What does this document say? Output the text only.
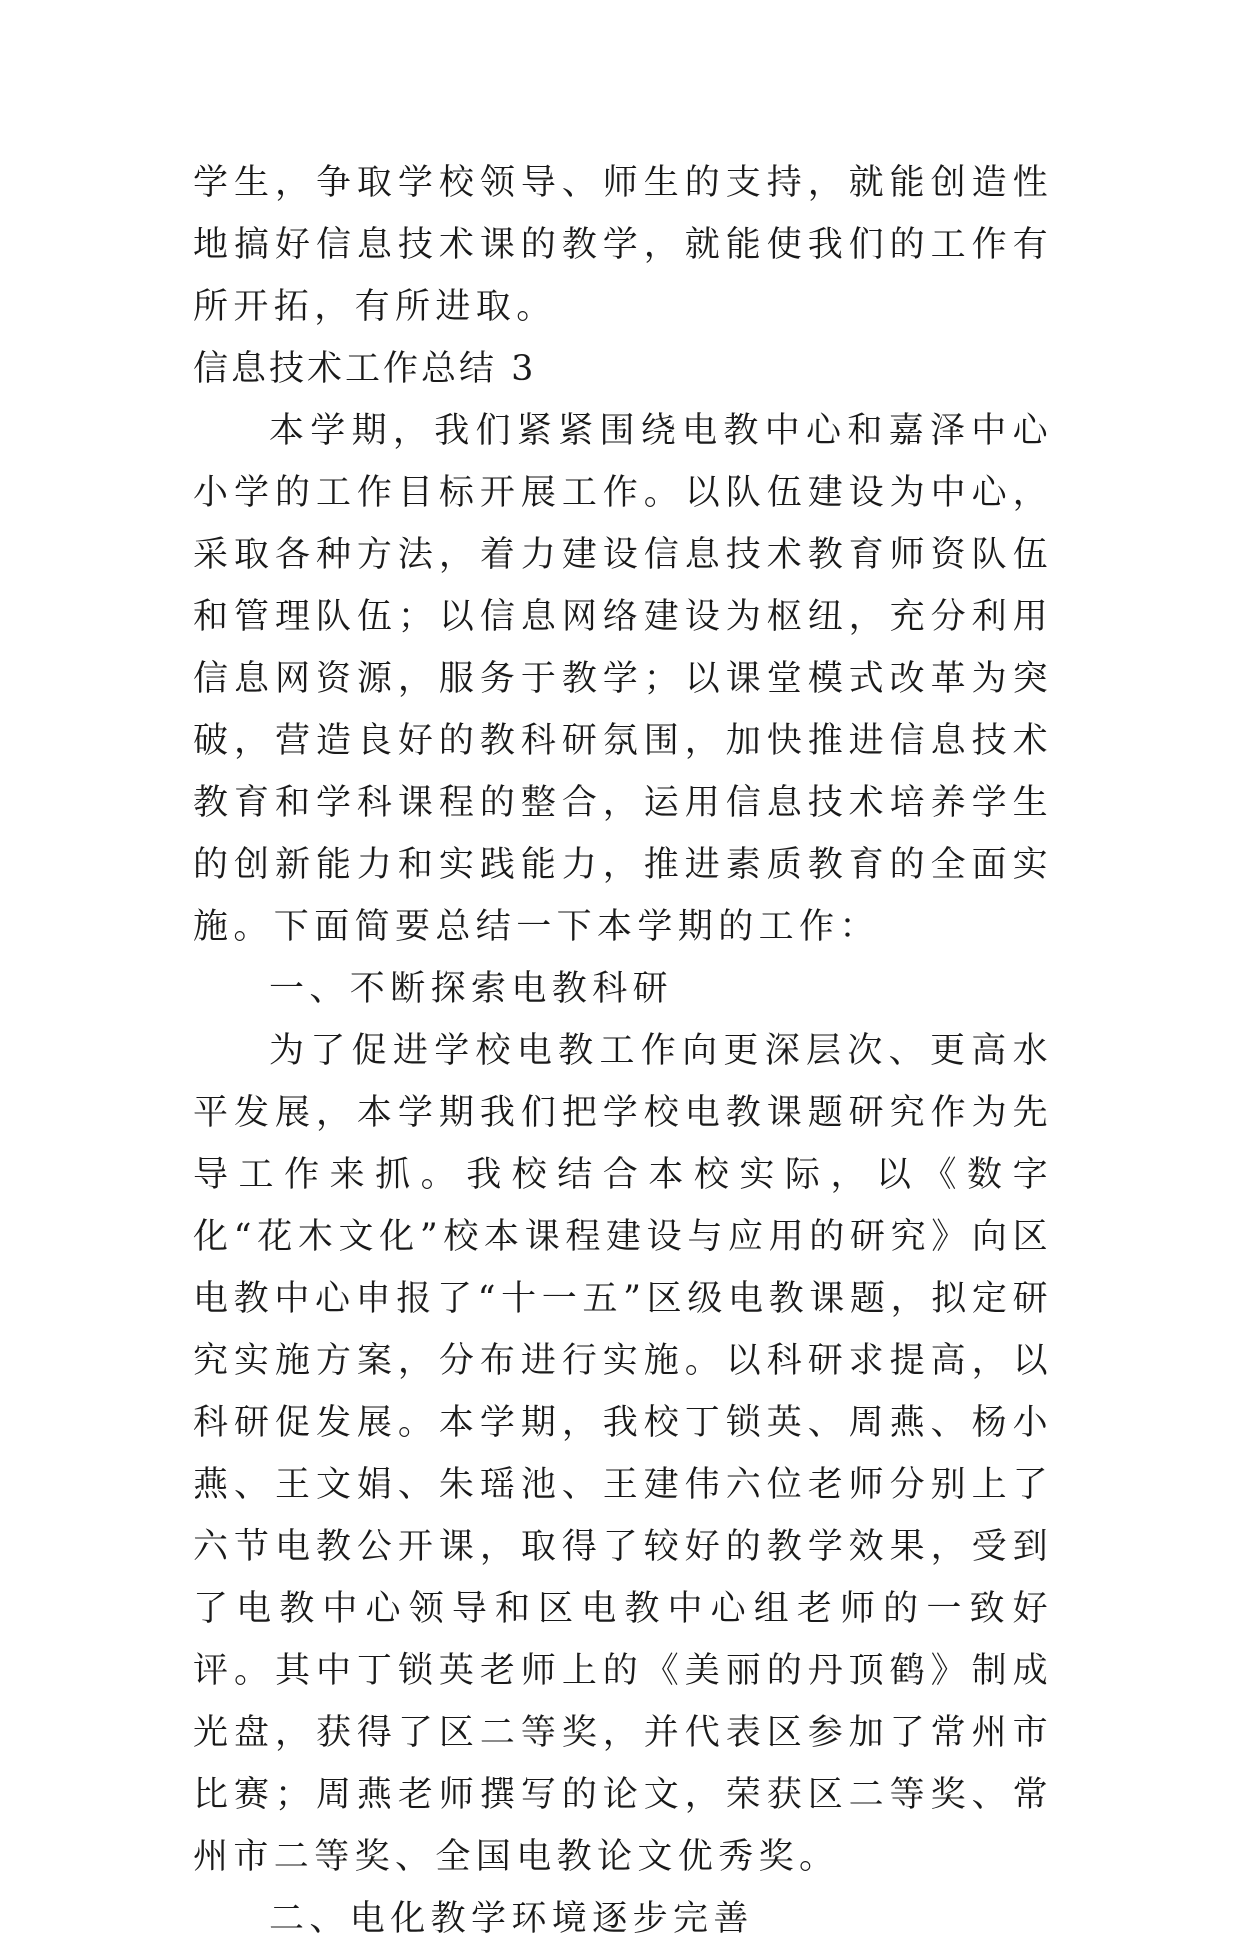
学生，争取学校领导、师生的支持，就能创造性地搞好信息技术课的教学，就能使我们的工作有所开拓，有所进取。

信息技术工作总结 3

本学期，我们紧紧围绕电教中心和嘉泽中心小学的工作目标开展工作。以队伍建设为中心，采取各种方法，着力建设信息技术教育师资队伍和管理队伍；以信息网络建设为枢纽，充分利用信息网资源，服务于教学；以课堂模式改革为突破，营造良好的教科研氛围，加快推进信息技术教育和学科课程的整合，运用信息技术培养学生的创新能力和实践能力，推进素质教育的全面实施。下面简要总结一下本学期的工作：

一、不断探索电教科研

为了促进学校电教工作向更深层次、更高水平发展，本学期我们把学校电教课题研究作为先导工作来抓。我校结合本校实际，以《数字化“花木文化”校本课程建设与应用的研究》向区电教中心申报了“十一五”区级电教课题，拟定研究实施方案，分布进行实施。以科研求提高，以科研促发展。本学期，我校丁锁英、周燕、杨小燕、王文娟、朱瑶池、王建伟六位老师分别上了六节电教公开课，取得了较好的教学效果，受到了电教中心领导和区电教中心组老师的一致好评。其中丁锁英老师上的《美丽的丹顶鹤》制成光盘，获得了区二等奖，并代表区参加了常州市比赛；周燕老师撰写的论文，荣获区二等奖、常州市二等奖、全国电教论文优秀奖。

二、电化教学环境逐步完善
